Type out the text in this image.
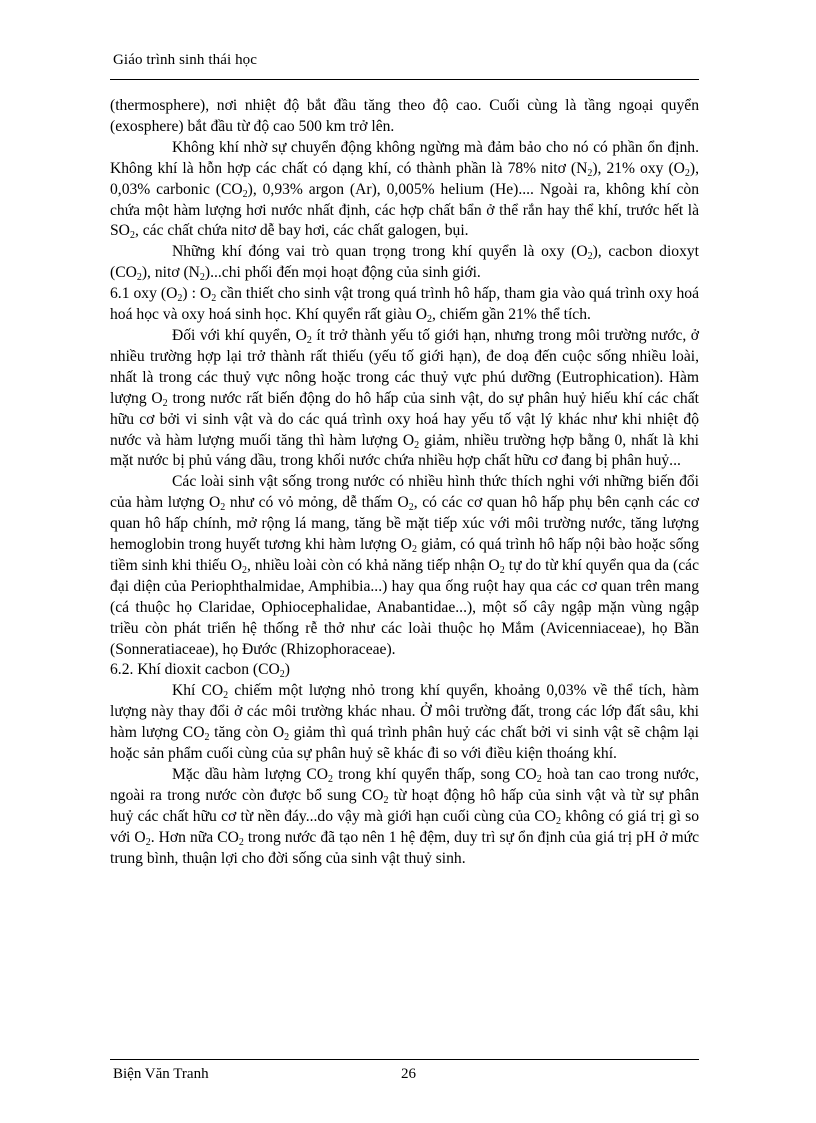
Giáo trình sinh thái học

(thermosphere), nơi nhiệt độ bắt đầu tăng theo độ cao. Cuối cùng là tầng ngoại quyển (exosphere) bắt đầu từ độ cao 500 km trở lên.

Không khí nhờ sự chuyển động không ngừng mà đảm bảo cho nó có phần ổn định. Không khí là hỗn hợp các chất có dạng khí, có thành phần là 78% nitơ $(N_2)$, 21% oxy $(O_2)$, 0,03% carbonic $(CO_2)$, 0,93% argon (Ar), 0,005% helium (He).... Ngoài ra, không khí còn chứa một hàm lượng hơi nước nhất định, các hợp chất bẩn ở thể rắn hay thể khí, trước hết là $SO_2$, các chất chứa nitơ dễ bay hơi, các chất galogen, bụi.

Những khí đóng vai trò quan trọng trong khí quyển là oxy $(O_2)$, cacbon dioxyt $(CO_2)$, nitơ $(N_2)...chi$ phối đến mọi hoạt động của sinh giới.

6.1 oxy $(O_2)$ : $O_2$ cần thiết cho sinh vật trong quá trình hô hấp, tham gia vào quá trình oxy hoá hoá học và oxy hoá sinh học. Khí quyển rất giàu $O_2$, chiếm gần 21% thể tích.

Đối với khí quyển, $O_2$ ít trở thành yếu tố giới hạn, nhưng trong môi trường nước, ở nhiều trường hợp lại trở thành rất thiếu (yếu tố giới hạn), đe doạ đến cuộc sống nhiều loài, nhất là trong các thuỷ vực nông hoặc trong các thuỷ vực phú dưỡng (Eutrophication). Hàm lượng $O_2$ trong nước rất biến động do hô hấp của sinh vật, do sự phân huỷ hiếu khí các chất hữu cơ bởi vi sinh vật và do các quá trình oxy hoá hay yếu tố vật lý khác như khi nhiệt độ nước và hàm lượng muối tăng thì hàm lượng $O_2$ giảm, nhiều trường hợp bằng 0, nhất là khi mặt nước bị phủ váng dầu, trong khối nước chứa nhiều hợp chất hữu cơ đang bị phân huỷ...

Các loài sinh vật sống trong nước có nhiều hình thức thích nghi với những biến đổi của hàm lượng $O_2$ như có vỏ mỏng, dễ thấm $O_2$, có các cơ quan hô hấp phụ bên cạnh các cơ quan hô hấp chính, mở rộng lá mang, tăng bề mặt tiếp xúc với môi trường nước, tăng lượng hemoglobin trong huyết tương khi hàm lượng $O_2$ giảm, có quá trình hô hấp nội bào hoặc sống tiềm sinh khi thiếu $O_2$, nhiều loài còn có khả năng tiếp nhận $O_2$ tự do từ khí quyển qua da (các đại diện của Periophthalmidae, Amphibia...) hay qua ống ruột hay qua các cơ quan trên mang (cá thuộc họ Claridae, Ophiocephalidae, Anabantidae...), một số cây ngập mặn vùng ngập triều còn phát triển hệ thống rễ thở như các loài thuộc họ Mắm (Avicenniaceae), họ Bần (Sonneratiaceae), họ Đước (Rhizophoraceae).

6.2. Khí dioxit cacbon $(CO_2)$

Khí $CO_2$ chiếm một lượng nhỏ trong khí quyển, khoảng 0,03% về thể tích, hàm lượng này thay đổi ở các môi trường khác nhau. Ở môi trường đất, trong các lớp đất sâu, khi hàm lượng $CO_2$ tăng còn $O_2$ giảm thì quá trình phân huỷ các chất bởi vi sinh vật sẽ chậm lại hoặc sản phẩm cuối cùng của sự phân huỷ sẽ khác đi so với điều kiện thoáng khí.

Mặc dầu hàm lượng $CO_2$ trong khí quyển thấp, song $CO_2$ hoà tan cao trong nước, ngoài ra trong nước còn được bổ sung $CO_2$ từ hoạt động hô hấp của sinh vật và từ sự phân huỷ các chất hữu cơ từ nền đáy...do vậy mà giới hạn cuối cùng của $CO_2$ không có giá trị gì so với $O_2$. Hơn nữa $CO_2$ trong nước đã tạo nên 1 hệ đệm, duy trì sự ổn định của giá trị pH ở mức trung bình, thuận lợi cho đời sống của sinh vật thuỷ sinh.

Biện Văn Tranh	26
